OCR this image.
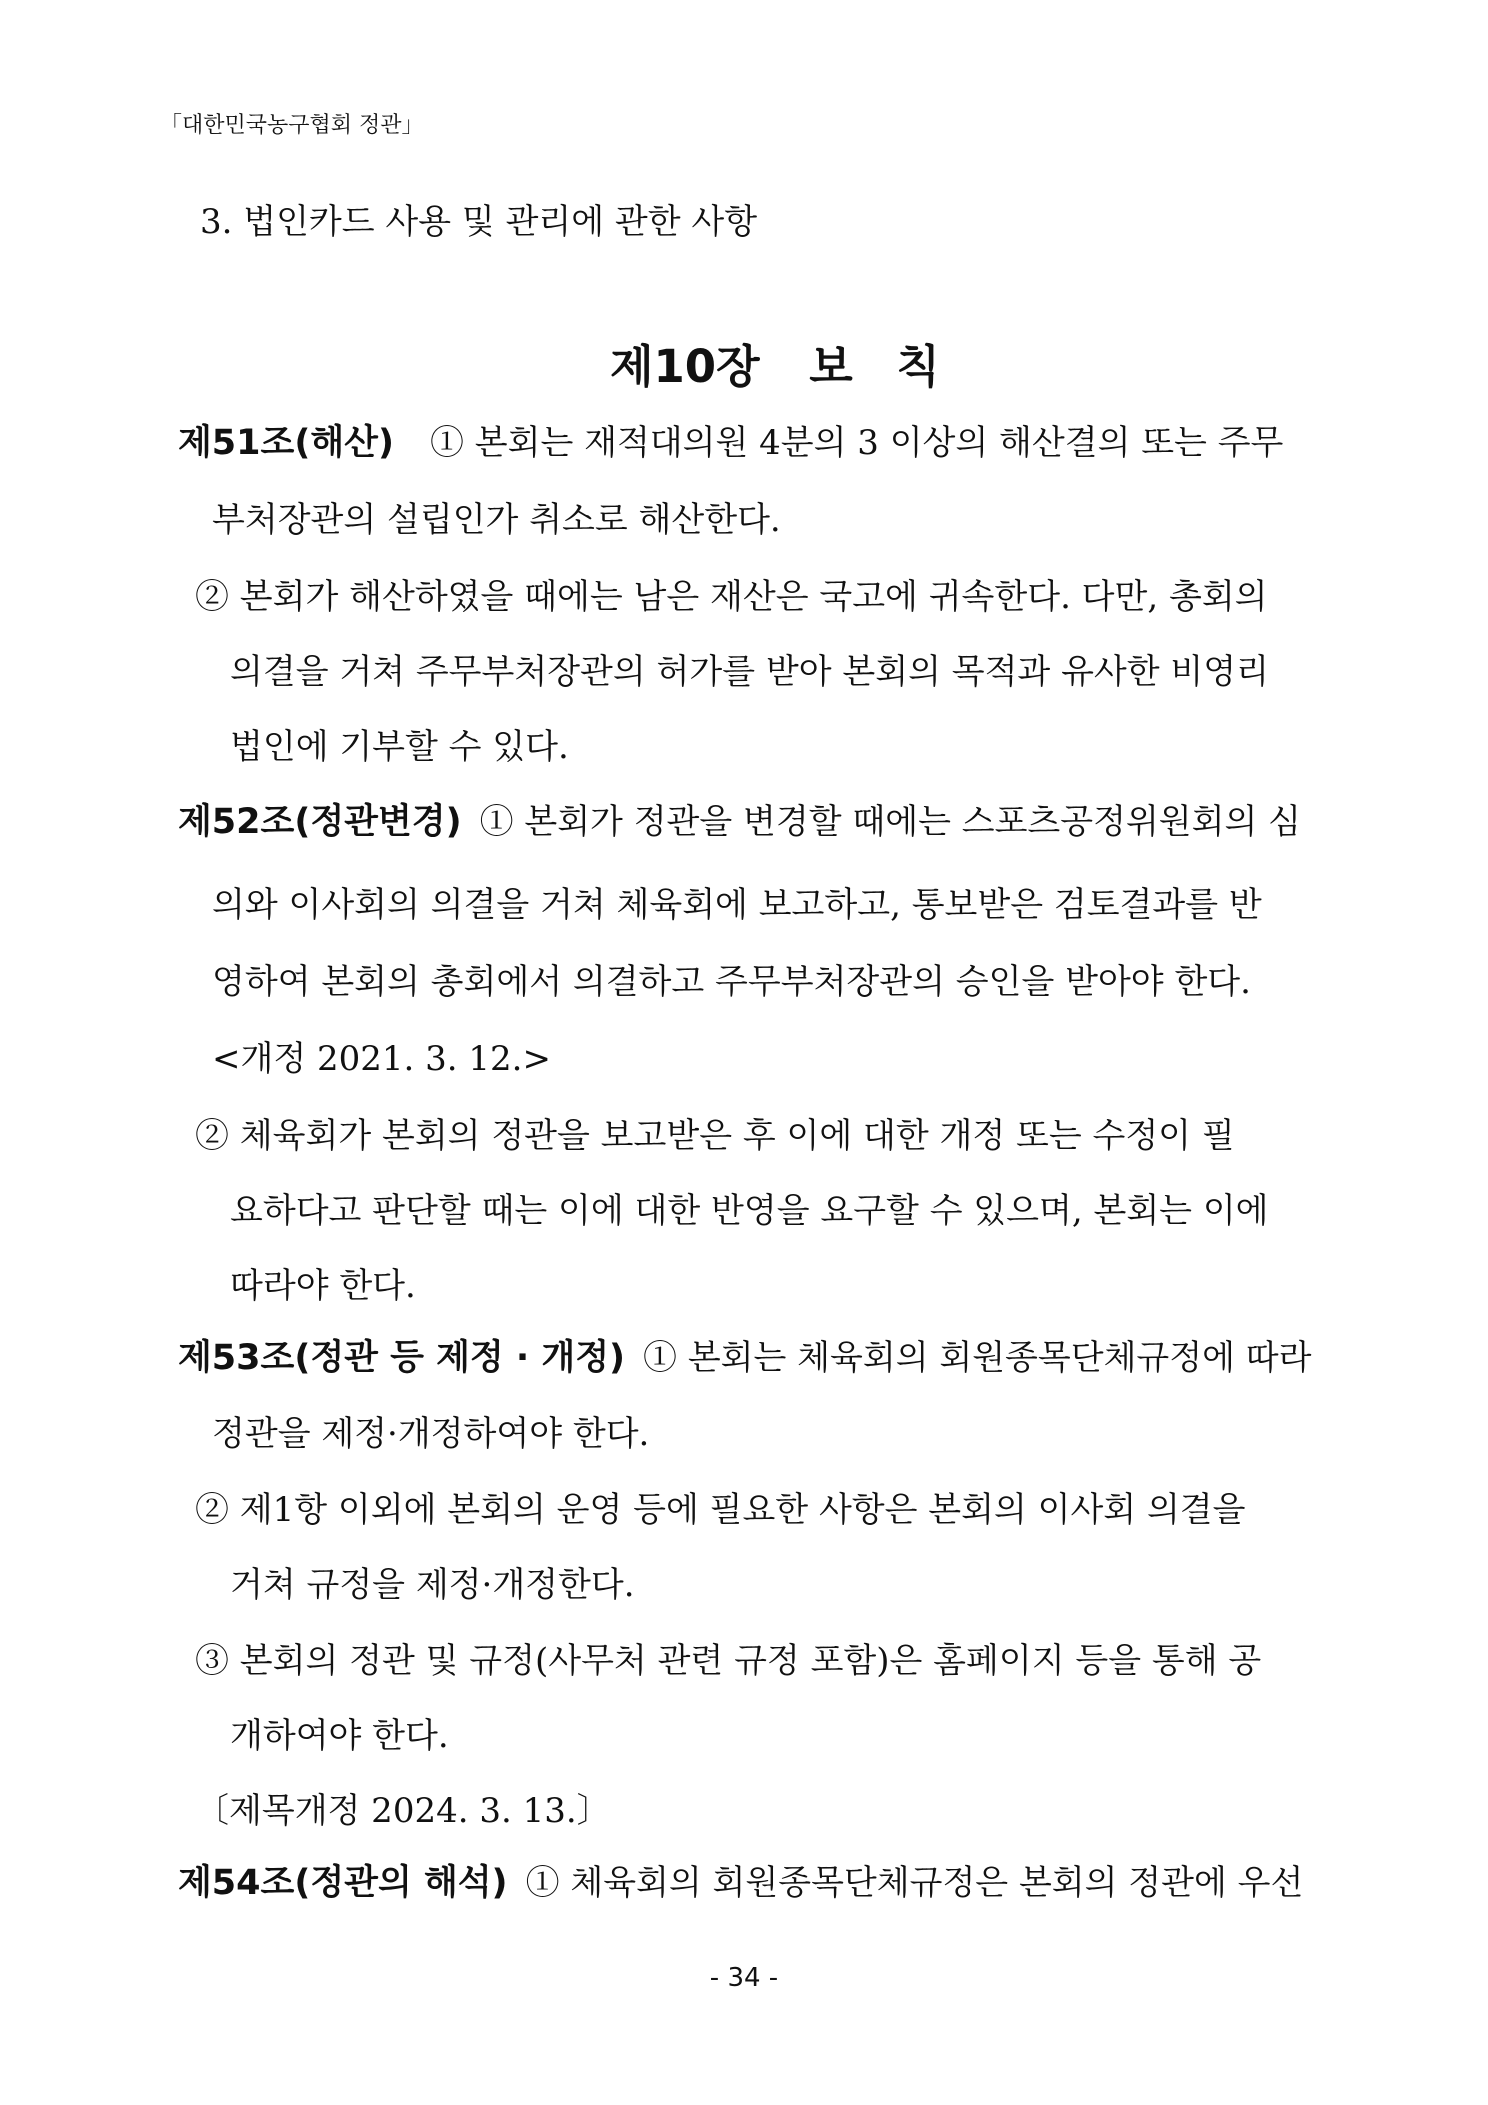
「대한민국농구협회 정관」
3. 법인카드 사용 및 관리에 관한 사항
제10장 보 칙
제51조(해산) ① 본회는 재적대의원 4분의 3 이상의 해산결의 또는 주무
부처장관의 설립인가 취소로 해산한다.
② 본회가 해산하였을 때에는 남은 재산은 국고에 귀속한다. 다만, 총회의
의결을 거쳐 주무부처장관의 허가를 받아 본회의 목적과 유사한 비영리
법인에 기부할 수 있다.
제52조(정관변경) ① 본회가 정관을 변경할 때에는 스포츠공정위원회의 심
의와 이사회의 의결을 거쳐 체육회에 보고하고, 통보받은 검토결과를 반
영하여 본회의 총회에서 의결하고 주무부처장관의 승인을 받아야 한다.
<개정 2021. 3. 12.>
② 체육회가 본회의 정관을 보고받은 후 이에 대한 개정 또는 수정이 필
요하다고 판단할 때는 이에 대한 반영을 요구할 수 있으며, 본회는 이에
따라야 한다.
제53조(정관 등 제정 · 개정) ① 본회는 체육회의 회원종목단체규정에 따라
정관을 제정·개정하여야 한다.
② 제1항 이외에 본회의 운영 등에 필요한 사항은 본회의 이사회 의결을
거쳐 규정을 제정·개정한다.
③ 본회의 정관 및 규정(사무처 관련 규정 포함)은 홈페이지 등을 통해 공
개하여야 한다.
〔제목개정 2024. 3. 13.〕
제54조(정관의 해석) ① 체육회의 회원종목단체규정은 본회의 정관에 우선
- 34 -
